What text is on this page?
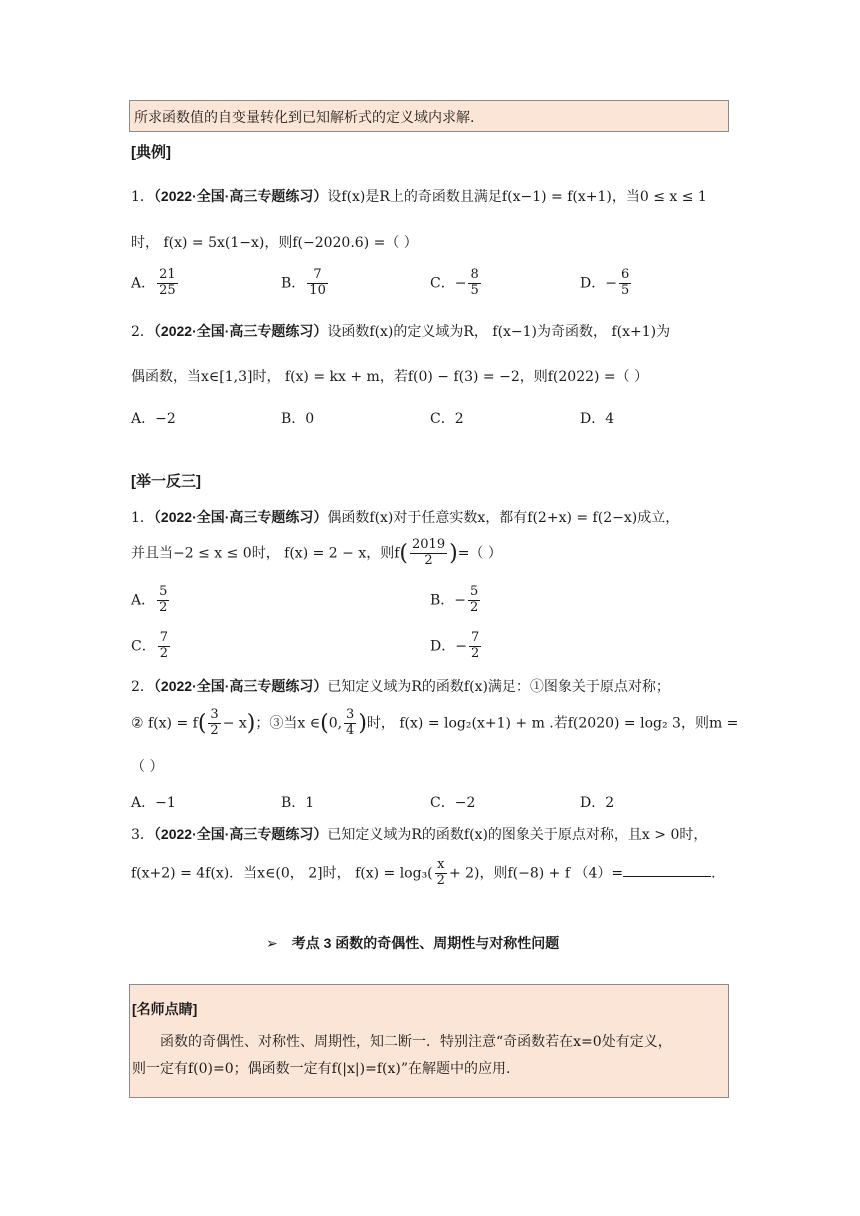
所求函数值的自变量转化到已知解析式的定义域内求解.
[典例]
1．（2022·全国·高三专题练习）设f(x)是R上的奇函数且满足f(x−1) = f(x+1)，当0 ≤ x ≤ 1
时， f(x) = 5x(1−x)，则f(−2020.6) =（ ）
A． $\frac{21}{25}$	B． $\frac{7}{10}$	C．− $\frac{8}{5}$	D．− $\frac{6}{5}$
2．（2022·全国·高三专题练习）设函数f(x)的定义域为R， f(x−1)为奇函数， f(x+1)为
偶函数，当x∈[1,3]时， f(x) = kx + m，若f(0) − f(3) = −2，则f(2022) =（ ）
A．−2	B．0	C．2	D．4
[举一反三]
1．（2022·全国·高三专题练习）偶函数f(x)对于任意实数x，都有f(2+x) = f(2−x)成立，
并且当−2 ≤ x ≤ 0时， f(x) = 2 − x，则$f( \frac{2019}{2}$ )=（ ）
A． $\frac{5}{2}$	B．− $\frac{5}{2}$
C． $\frac{7}{2}$	D．− $\frac{7}{2}$
2．（2022·全国·高三专题练习）已知定义域为R的函数f(x)满足：①图象关于原点对称；
② $f(x) = f( \frac{3}{2} - x)$；③当x ∈(0, $\frac{3}{4}$ )时， f(x) = log₂(x+1) + m .若f(2020) = log₂ 3，则m =
（ ）
A．−1	B．1	C．−2	D．2
3．（2022·全国·高三专题练习）已知定义域为R的函数f(x)的图象关于原点对称，且x > 0时，
f(x+2) = 4f(x)．当x∈(0， 2]时， $f(x) = \log_3( \frac{x}{2} + 2)$，则f(−8) + f （4）=	.
➢ 考点 3 函数的奇偶性、周期性与对称性问题
[名师点睛]
函数的奇偶性、对称性、周期性，知二断一．特别注意“奇函数若在x=0处有定义，
则一定有f(0)=0；偶函数一定有f(|x|)=f(x)”在解题中的应用.
